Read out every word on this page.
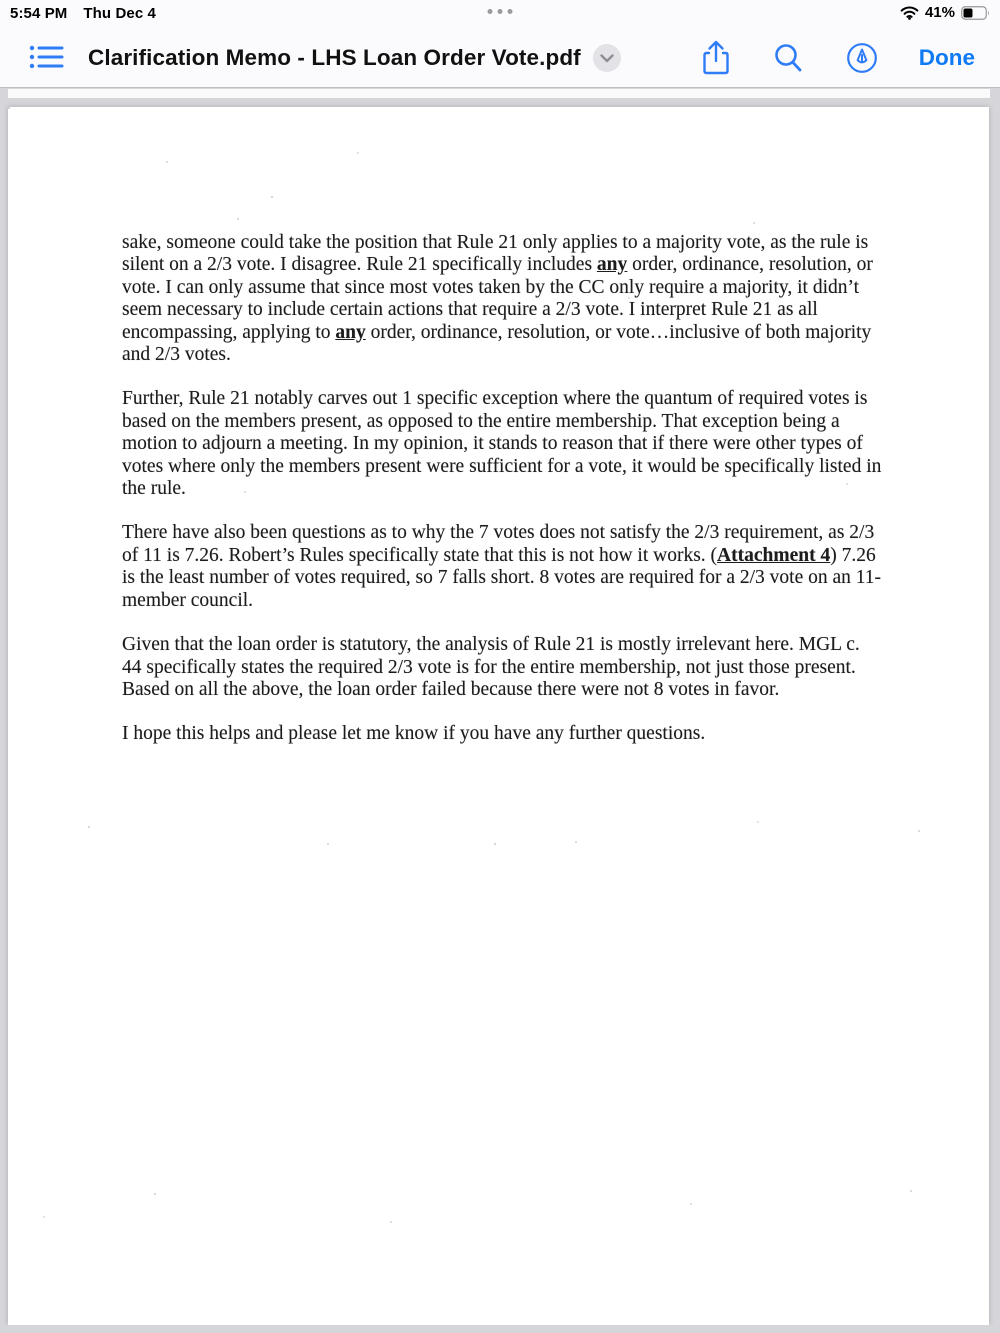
5:54 PM Thu Dec 4	41%
Clarification Memo - LHS Loan Order Vote.pdf	Done

sake, someone could take the position that Rule 21 only applies to a majority vote, as the rule is silent on a 2/3 vote. I disagree. Rule 21 specifically includes any order, ordinance, resolution, or vote. I can only assume that since most votes taken by the CC only require a majority, it didn’t seem necessary to include certain actions that require a 2/3 vote. I interpret Rule 21 as all encompassing, applying to any order, ordinance, resolution, or vote…inclusive of both majority and 2/3 votes.

Further, Rule 21 notably carves out 1 specific exception where the quantum of required votes is based on the members present, as opposed to the entire membership. That exception being a motion to adjourn a meeting. In my opinion, it stands to reason that if there were other types of votes where only the members present were sufficient for a vote, it would be specifically listed in the rule.

There have also been questions as to why the 7 votes does not satisfy the 2/3 requirement, as 2/3 of 11 is 7.26. Robert’s Rules specifically state that this is not how it works. (Attachment 4) 7.26 is the least number of votes required, so 7 falls short. 8 votes are required for a 2/3 vote on an 11-member council.

Given that the loan order is statutory, the analysis of Rule 21 is mostly irrelevant here. MGL c. 44 specifically states the required 2/3 vote is for the entire membership, not just those present. Based on all the above, the loan order failed because there were not 8 votes in favor.

I hope this helps and please let me know if you have any further questions.
